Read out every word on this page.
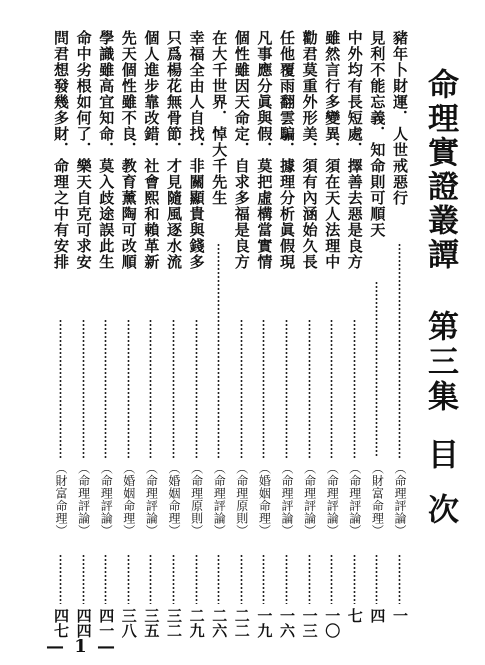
命理實證叢譚
第三集
目次
豬年卜財運．人世戒惡行
（命理評論）
一
見利不能忘義．知命則可順天
（財富命理）
四
中外均有長短處．擇善去惡是良方
（命理評論）
七
雖然言行多變異．須在天人法理中
（命理評論）
一〇
勸君莫重外形美．須有內涵始久長
（命理評論）
一三
任他覆雨翻雲騙．據理分析眞假現
（命理評論）
一六
凡事應分眞與假．莫把虛構當實情
（婚姻命理）
一九
個性雖因天命定．自求多福是良方
（命理原則）
二二
在大千世界．悼大千先生
（命理評論）
二六
幸福全由人自找．非關顯貴與錢多
（命理原則）
二九
只爲楊花無骨節．才見隨風逐水流
（婚姻命理）
三二
個人進步靠改錯．社會熙和賴革新
（命理評論）
三五
先天個性雖不良．教育薰陶可改順
（婚姻命理）
三八
學識雖高宜知命．莫入歧途誤此生
（命理評論）
四一
命中劣根如何了．樂天自克可求安
（命理評論）
四四
問君想發幾多財．命理之中有安排
（財富命理）
四七
— 1 —
